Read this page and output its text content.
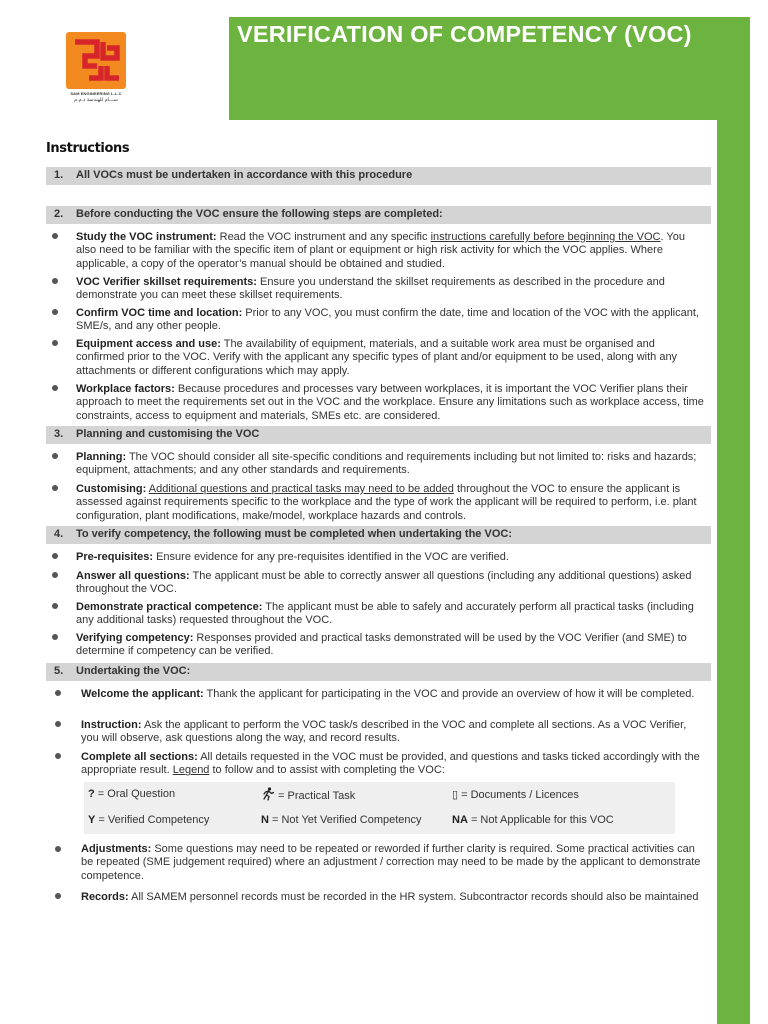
VERIFICATION OF COMPETENCY (VOC)
S&M ENGINEERING L.L.C
ســـام للهندسة ذ.م.م
Instructions
1. All VOCs must be undertaken in accordance with this procedure
2. Before conducting the VOC ensure the following steps are completed:
Study the VOC instrument: Read the VOC instrument and any specific instructions carefully before beginning the VOC. You also need to be familiar with the specific item of plant or equipment or high risk activity for which the VOC applies. Where applicable, a copy of the operator’s manual should be obtained and studied.
VOC Verifier skillset requirements: Ensure you understand the skillset requirements as described in the procedure and demonstrate you can meet these skillset requirements.
Confirm VOC time and location: Prior to any VOC, you must confirm the date, time and location of the VOC with the applicant, SME/s, and any other people.
Equipment access and use: The availability of equipment, materials, and a suitable work area must be organised and confirmed prior to the VOC. Verify with the applicant any specific types of plant and/or equipment to be used, along with any attachments or different configurations which may apply.
Workplace factors: Because procedures and processes vary between workplaces, it is important the VOC Verifier plans their approach to meet the requirements set out in the VOC and the workplace. Ensure any limitations such as workplace access, time constraints, access to equipment and materials, SMEs etc. are considered.
3. Planning and customising the VOC
Planning: The VOC should consider all site-specific conditions and requirements including but not limited to: risks and hazards; equipment, attachments; and any other standards and requirements.
Customising: Additional questions and practical tasks may need to be added throughout the VOC to ensure the applicant is assessed against requirements specific to the workplace and the type of work the applicant will be required to perform, i.e. plant configuration, plant modifications, make/model, workplace hazards and controls.
4. To verify competency, the following must be completed when undertaking the VOC:
Pre-requisites: Ensure evidence for any pre-requisites identified in the VOC are verified.
Answer all questions: The applicant must be able to correctly answer all questions (including any additional questions) asked throughout the VOC.
Demonstrate practical competence: The applicant must be able to safely and accurately perform all practical tasks (including any additional tasks) requested throughout the VOC.
Verifying competency: Responses provided and practical tasks demonstrated will be used by the VOC Verifier (and SME) to determine if competency can be verified.
5. Undertaking the VOC:
Welcome the applicant: Thank the applicant for participating in the VOC and provide an overview of how it will be completed.
Instruction: Ask the applicant to perform the VOC task/s described in the VOC and complete all sections. As a VOC Verifier, you will observe, ask questions along the way, and record results.
Complete all sections: All details requested in the VOC must be provided, and questions and tasks ticked accordingly with the appropriate result. Legend to follow and to assist with completing the VOC:
? = Oral Question	= Practical Task	▯ = Documents / Licences
Y = Verified Competency	N = Not Yet Verified Competency	NA = Not Applicable for this VOC
Adjustments: Some questions may need to be repeated or reworded if further clarity is required. Some practical activities can be repeated (SME judgement required) where an adjustment / correction may need to be made by the applicant to demonstrate competence.
Records: All SAMEM personnel records must be recorded in the HR system. Subcontractor records should also be maintained
